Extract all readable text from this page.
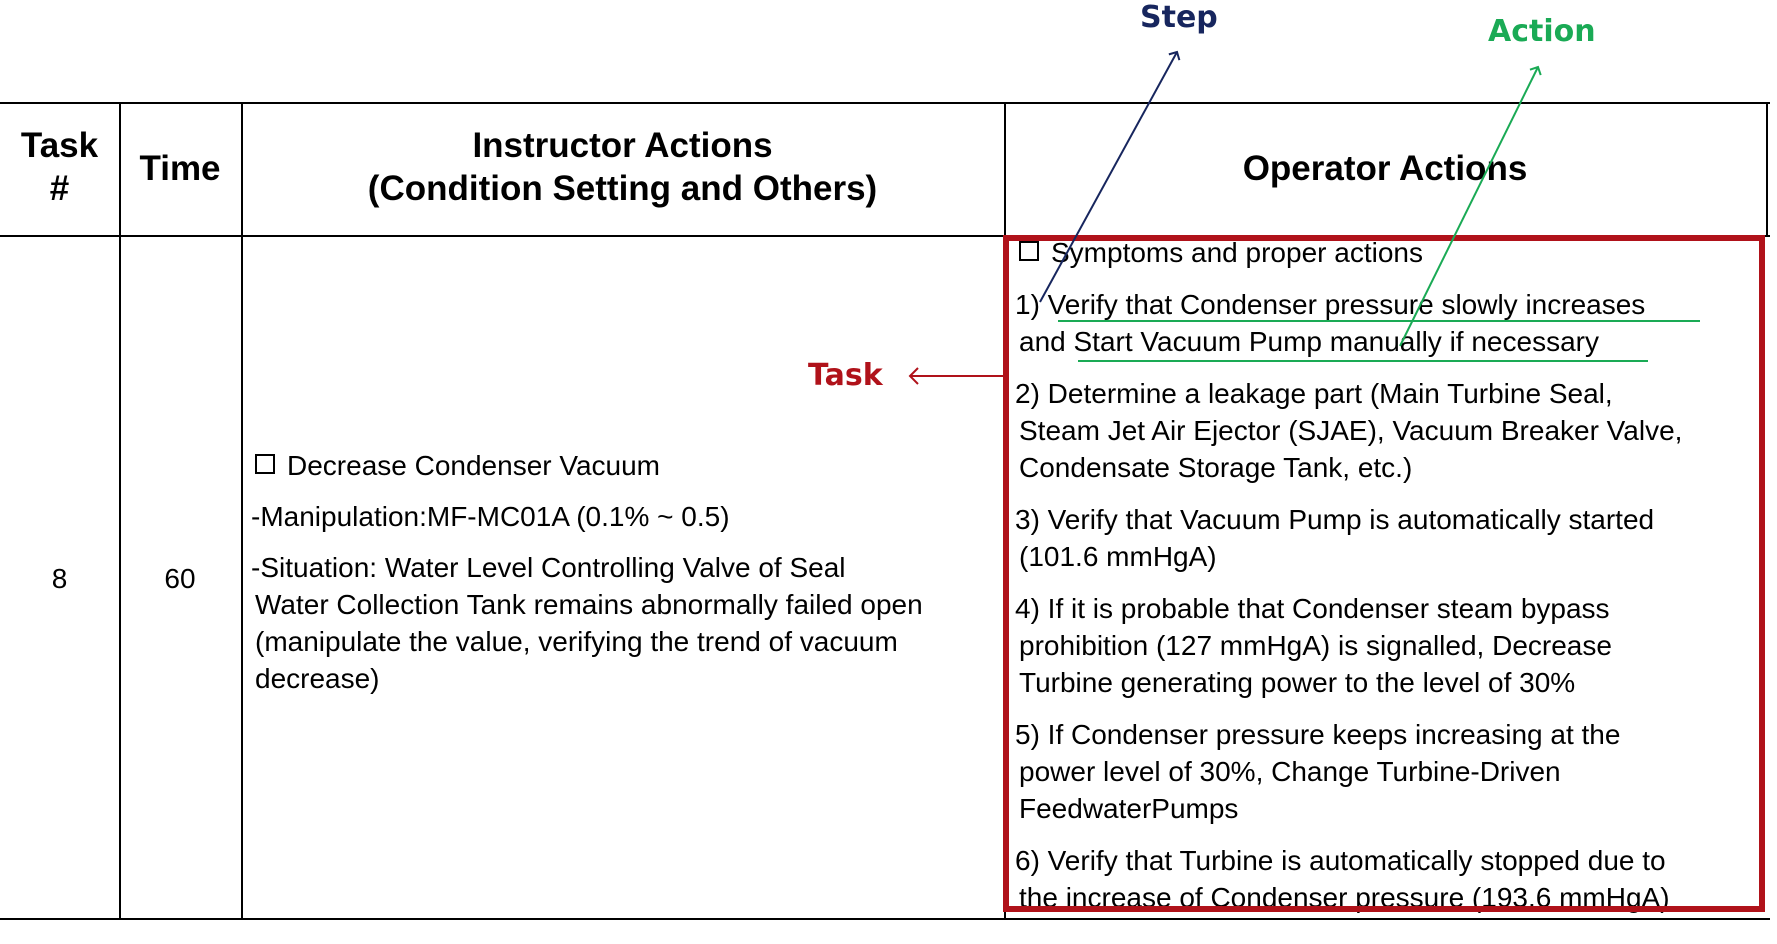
Task
#
Time
Instructor Actions
(Condition Setting and Others)
Operator Actions
8	60
Decrease Condenser Vacuum
-Manipulation:MF-MC01A (0.1% ~ 0.5)
-Situation: Water Level Controlling Valve of Seal
Water Collection Tank remains abnormally failed open
(manipulate the value, verifying the trend of vacuum
decrease)

Symptoms and proper actions

1) Verify that Condenser pressure slowly increases
and Start Vacuum Pump manually if necessary

2) Determine a leakage part (Main Turbine Seal,
Steam Jet Air Ejector (SJAE), Vacuum Breaker Valve,
Condensate Storage Tank, etc.)

3) Verify that Vacuum Pump is automatically started
(101.6 mmHgA)

4) If it is probable that Condenser steam bypass
prohibition (127 mmHgA) is signalled, Decrease
Turbine generating power to the level of 30%

5) If Condenser pressure keeps increasing at the
power level of 30%, Change Turbine-Driven
FeedwaterPumps

6) Verify that Turbine is automatically stopped due to
the increase of Condenser pressure (193.6 mmHgA)

Step	Action
Task
